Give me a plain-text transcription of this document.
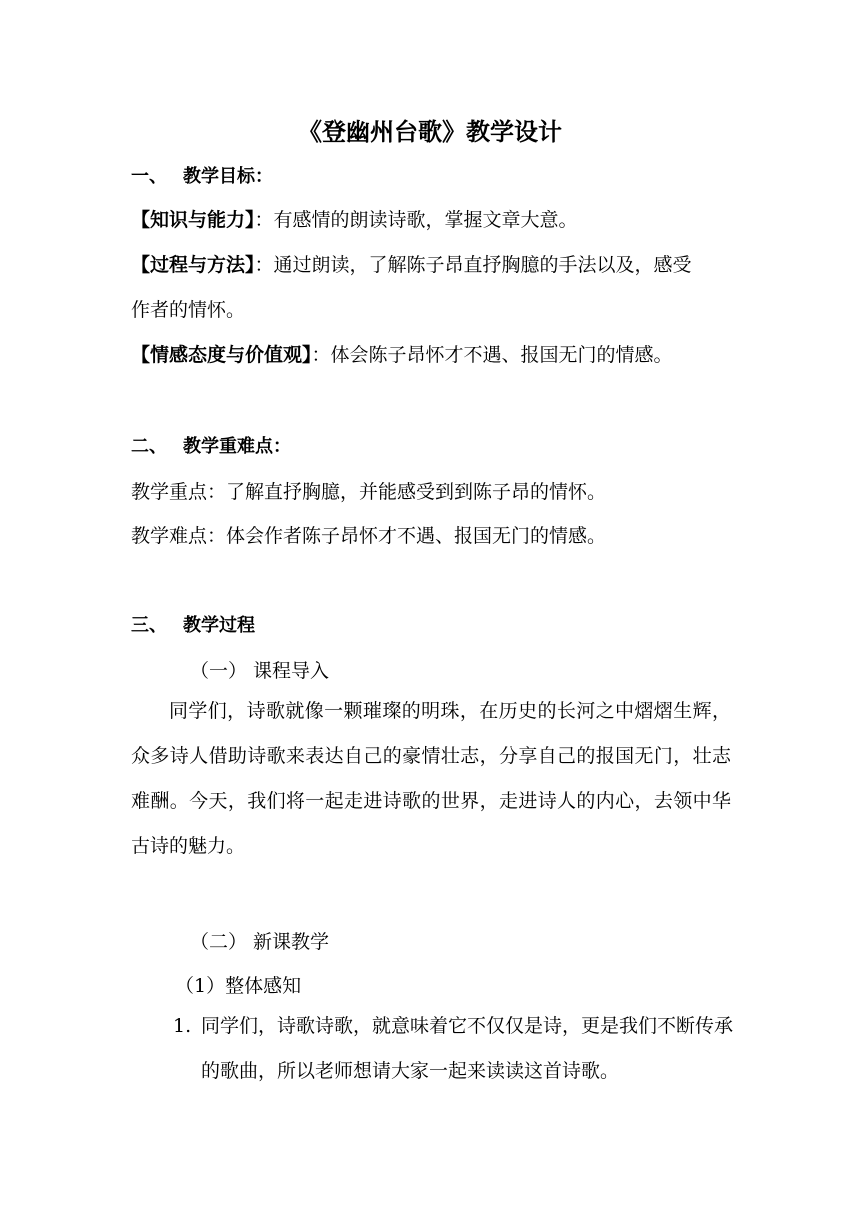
《登幽州台歌》教学设计
一、 教学目标：
【知识与能力】：有感情的朗读诗歌，掌握文章大意。
【过程与方法】：通过朗读，了解陈子昂直抒胸臆的手法以及，感受
作者的情怀。
【情感态度与价值观】：体会陈子昂怀才不遇、报国无门的情感。
二、 教学重难点：
教学重点：了解直抒胸臆，并能感受到到陈子昂的情怀。
教学难点：体会作者陈子昂怀才不遇、报国无门的情感。
三、 教学过程
（一） 课程导入
同学们，诗歌就像一颗璀璨的明珠，在历史的长河之中熠熠生辉，众多诗人借助诗歌来表达自己的豪情壮志，分享自己的报国无门，壮志难酬。今天，我们将一起走进诗歌的世界，走进诗人的内心，去领中华古诗的魅力。
（二） 新课教学
（1）整体感知
1. 同学们，诗歌诗歌，就意味着它不仅仅是诗，更是我们不断传承的歌曲，所以老师想请大家一起来读读这首诗歌。
